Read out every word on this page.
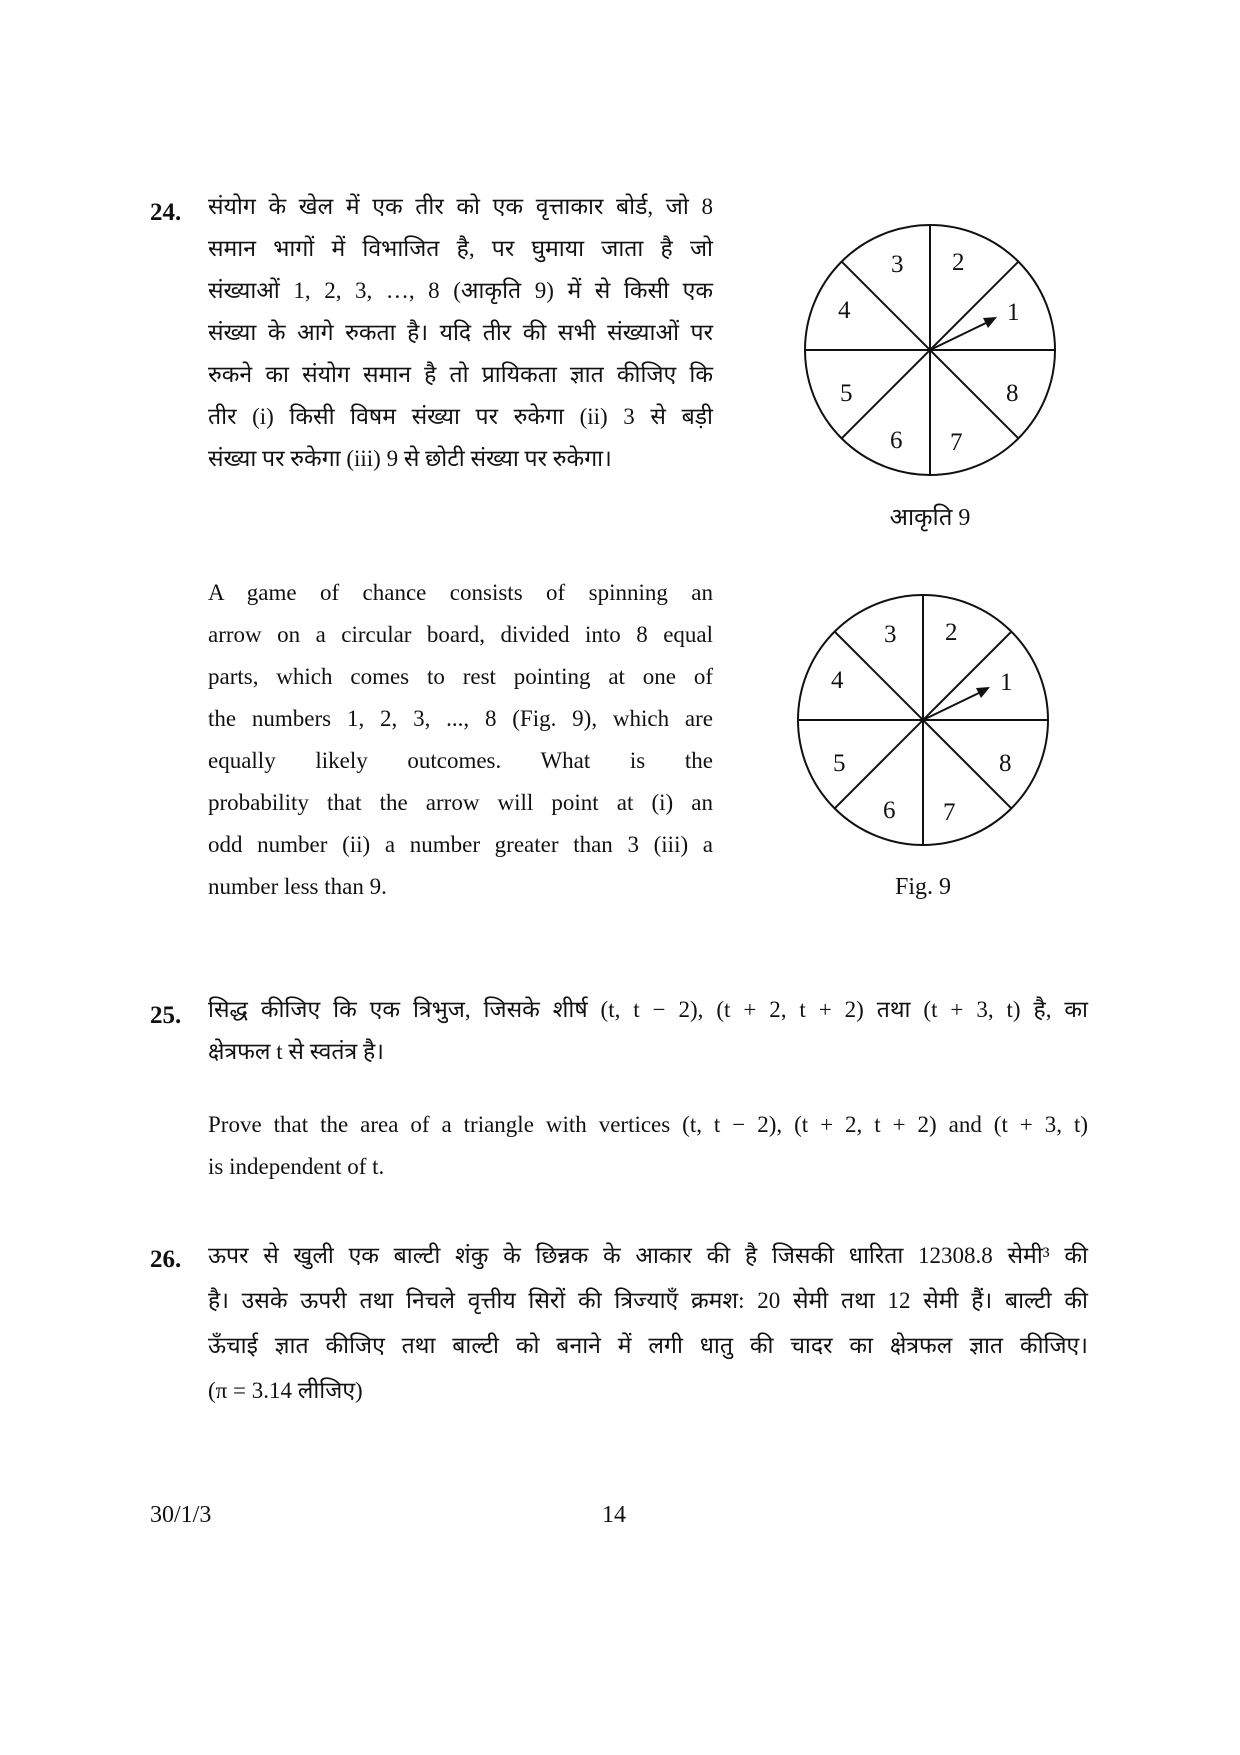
24. संयोग के खेल में एक तीर को एक वृत्ताकार बोर्ड, जो 8
समान भागों में विभाजित है, पर घुमाया जाता है जो
संख्याओं 1, 2, 3, …, 8 (आकृति 9) में से किसी एक
संख्या के आगे रुकता है। यदि तीर की सभी संख्याओं पर
रुकने का संयोग समान है तो प्रायिकता ज्ञात कीजिए कि
तीर (i) किसी विषम संख्या पर रुकेगा (ii) 3 से बड़ी
संख्या पर रुकेगा (iii) 9 से छोटी संख्या पर रुकेगा।
1
2
3
4
5
6 7
8
आकृति 9
A game of chance consists of spinning an
arrow on a circular board, divided into 8 equal
parts, which comes to rest pointing at one of
the numbers 1, 2, 3, ..., 8 (Fig. 9), which are
equally likely outcomes. What is the
probability that the arrow will point at (i) an
odd number (ii) a number greater than 3 (iii) a
number less than 9.
1
2
3
4
5
6 7
8
Fig. 9
25. सिद्ध कीजिए कि एक त्रिभुज, जिसके शीर्ष (t, t − 2), (t + 2, t + 2) तथा (t + 3, t) है, का
क्षेत्रफल t से स्वतंत्र है।
Prove that the area of a triangle with vertices (t, t − 2), (t + 2, t + 2) and (t + 3, t)
is independent of t.
26. ऊपर से खुली एक बाल्टी शंकु के छिन्नक के आकार की है जिसकी धारिता 12308.8 सेमी³ की
है। उसके ऊपरी तथा निचले वृत्तीय सिरों की त्रिज्याएँ क्रमश: 20 सेमी तथा 12 सेमी हैं। बाल्टी की
ऊँचाई ज्ञात कीजिए तथा बाल्टी को बनाने में लगी धातु की चादर का क्षेत्रफल ज्ञात कीजिए।
(π = 3.14 लीजिए)
30/1/3	14
